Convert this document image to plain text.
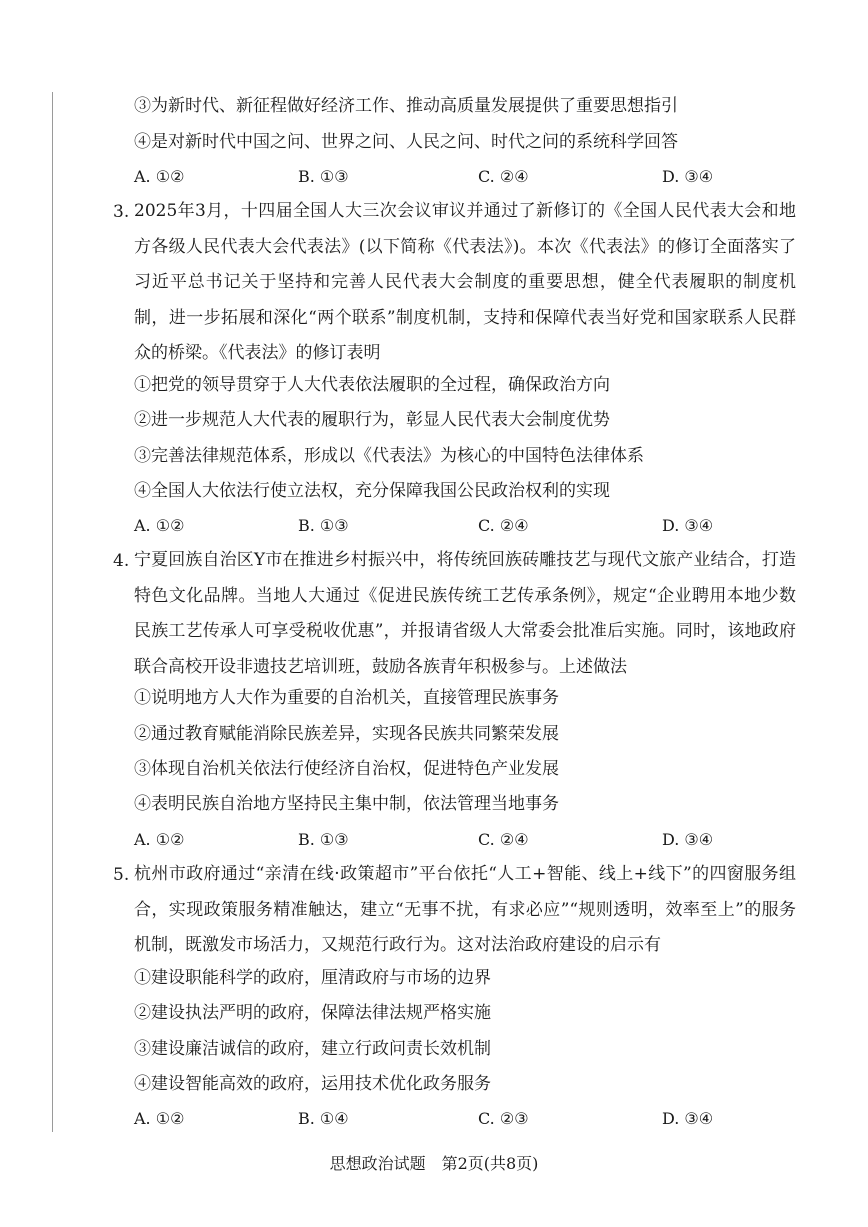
③为新时代、新征程做好经济工作、推动高质量发展提供了重要思想指引
④是对新时代中国之问、世界之问、人民之问、时代之问的系统科学回答
A. ①②	B. ①③	C. ②④	D. ③④
3. 2025年3月，十四届全国人大三次会议审议并通过了新修订的《全国人民代表大会和地方各级人民代表大会代表法》(以下简称《代表法》)。本次《代表法》的修订全面落实了习近平总书记关于坚持和完善人民代表大会制度的重要思想，健全代表履职的制度机制，进一步拓展和深化“两个联系”制度机制，支持和保障代表当好党和国家联系人民群众的桥梁。《代表法》的修订表明
①把党的领导贯穿于人大代表依法履职的全过程，确保政治方向
②进一步规范人大代表的履职行为，彰显人民代表大会制度优势
③完善法律规范体系，形成以《代表法》为核心的中国特色法律体系
④全国人大依法行使立法权，充分保障我国公民政治权利的实现
A. ①②	B. ①③	C. ②④	D. ③④
4. 宁夏回族自治区Y市在推进乡村振兴中，将传统回族砖雕技艺与现代文旅产业结合，打造特色文化品牌。当地人大通过《促进民族传统工艺传承条例》，规定“企业聘用本地少数民族工艺传承人可享受税收优惠”，并报请省级人大常委会批准后实施。同时，该地政府联合高校开设非遗技艺培训班，鼓励各族青年积极参与。上述做法
①说明地方人大作为重要的自治机关，直接管理民族事务
②通过教育赋能消除民族差异，实现各民族共同繁荣发展
③体现自治机关依法行使经济自治权，促进特色产业发展
④表明民族自治地方坚持民主集中制，依法管理当地事务
A. ①②	B. ①③	C. ②④	D. ③④
5. 杭州市政府通过“亲清在线·政策超市”平台依托“人工+智能、线上+线下”的四窗服务组合，实现政策服务精准触达，建立“无事不扰，有求必应”“规则透明，效率至上”的服务机制，既激发市场活力，又规范行政行为。这对法治政府建设的启示有
①建设职能科学的政府，厘清政府与市场的边界
②建设执法严明的政府，保障法律法规严格实施
③建设廉洁诚信的政府，建立行政问责长效机制
④建设智能高效的政府，运用技术优化政务服务
A. ①②	B. ①④	C. ②③	D. ③④
思想政治试题　第2页(共8页)
